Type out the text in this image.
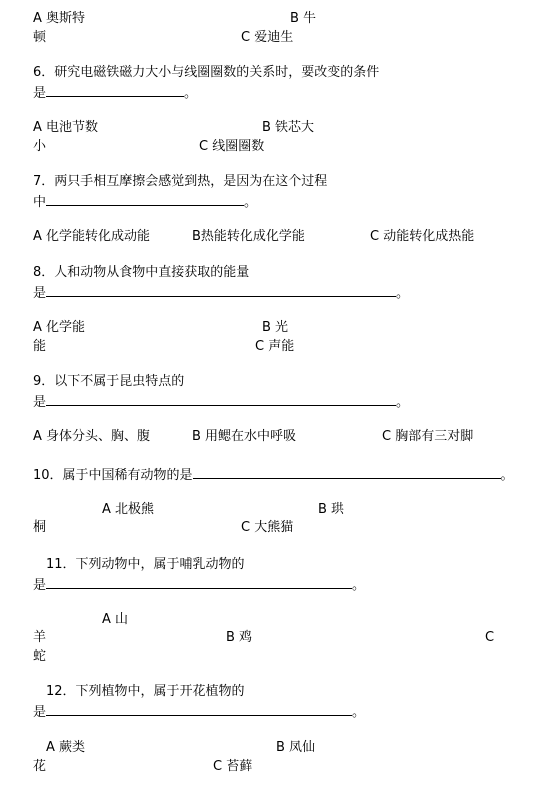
A 奥斯特	B 牛
顿	C 爱迪生
6．研究电磁铁磁力大小与线圈圈数的关系时，要改变的条件
是	。
A 电池节数	B 铁芯大
小	C 线圈圈数
7．两只手相互摩擦会感觉到热，是因为在这个过程
中	。
A 化学能转化成动能	B热能转化成化学能	C 动能转化成热能
8．人和动物从食物中直接获取的能量
是	。
A 化学能	B 光
能	C 声能
9．以下不属于昆虫特点的
是	。
A 身体分头、胸、腹	B 用鳃在水中呼吸	C 胸部有三对脚
10．属于中国稀有动物的是	。
A 北极熊	B 珙
桐	C 大熊猫
11．下列动物中，属于哺乳动物的
是	。
A 山
羊	B 鸡	C
蛇
12．下列植物中，属于开花植物的
是	。
A 蕨类	B 凤仙
花	C 苔藓
